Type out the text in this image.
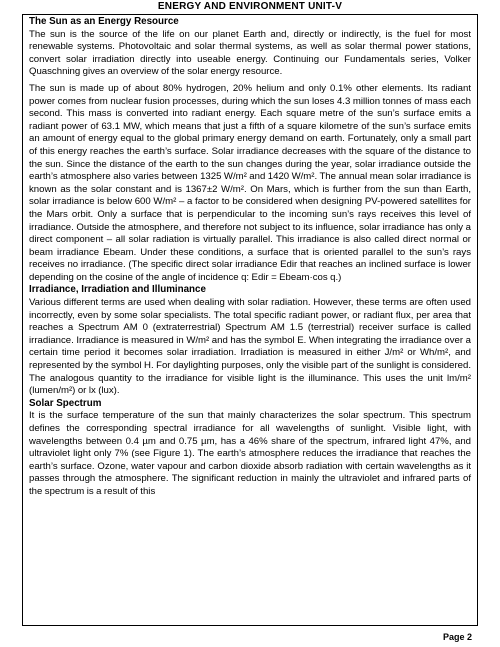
ENERGY AND ENVIRONMENT UNIT-V
The Sun as an Energy Resource

The sun is the source of the life on our planet Earth and, directly or indirectly, is the fuel for most renewable systems. Photovoltaic and solar thermal systems, as well as solar thermal power stations, convert solar irradiation directly into useable energy. Continuing our Fundamentals series, Volker Quaschning gives an overview of the solar energy resource.

The sun is made up of about 80% hydrogen, 20% helium and only 0.1% other elements. Its radiant power comes from nuclear fusion processes, during which the sun loses 4.3 million tonnes of mass each second. This mass is converted into radiant energy. Each square metre of the sun’s surface emits a radiant power of 63.1 MW, which means that just a fifth of a square kilometre of the sun’s surface emits an amount of energy equal to the global primary energy demand on earth. Fortunately, only a small part of this energy reaches the earth’s surface. Solar irradiance decreases with the square of the distance to the sun. Since the distance of the earth to the sun changes during the year, solar irradiance outside the earth’s atmosphere also varies between 1325 W/m² and 1420 W/m². The annual mean solar irradiance is known as the solar constant and is 1367±2 W/m². On Mars, which is further from the sun than Earth, solar irradiance is below 600 W/m² – a factor to be considered when designing PV-powered satellites for the Mars orbit. Only a surface that is perpendicular to the incoming sun’s rays receives this level of irradiance. Outside the atmosphere, and therefore not subject to its influence, solar irradiance has only a direct component – all solar radiation is virtually parallel. This irradiance is also called direct normal or beam irradiance Ebeam. Under these conditions, a surface that is oriented parallel to the sun’s rays receives no irradiance. (The specific direct solar irradiance Edir that reaches an inclined surface is lower depending on the cosine of the angle of incidence q: Edir = Ebeam·cos q.)

Irradiance, Irradiation and Illuminance

Various different terms are used when dealing with solar radiation. However, these terms are often used incorrectly, even by some solar specialists. The total specific radiant power, or radiant flux, per area that reaches a Spectrum AM 0 (extraterrestrial) Spectrum AM 1.5 (terrestrial) receiver surface is called irradiance. Irradiance is measured in W/m² and has the symbol E. When integrating the irradiance over a certain time period it becomes solar irradiation. Irradiation is measured in either J/m² or Wh/m², and represented by the symbol H. For daylighting purposes, only the visible part of the sunlight is considered. The analogous quantity to the irradiance for visible light is the illuminance. This uses the unit lm/m² (lumen/m²) or lx (lux).

Solar Spectrum

It is the surface temperature of the sun that mainly characterizes the solar spectrum. This spectrum defines the corresponding spectral irradiance for all wavelengths of sunlight. Visible light, with wavelengths between 0.4 µm and 0.75 µm, has a 46% share of the spectrum, infrared light 47%, and ultraviolet light only 7% (see Figure 1). The earth’s atmosphere reduces the irradiance that reaches the earth’s surface. Ozone, water vapour and carbon dioxide absorb radiation with certain wavelengths as it passes through the atmosphere. The significant reduction in mainly the ultraviolet and infrared parts of the spectrum is a result of this

Page 2
